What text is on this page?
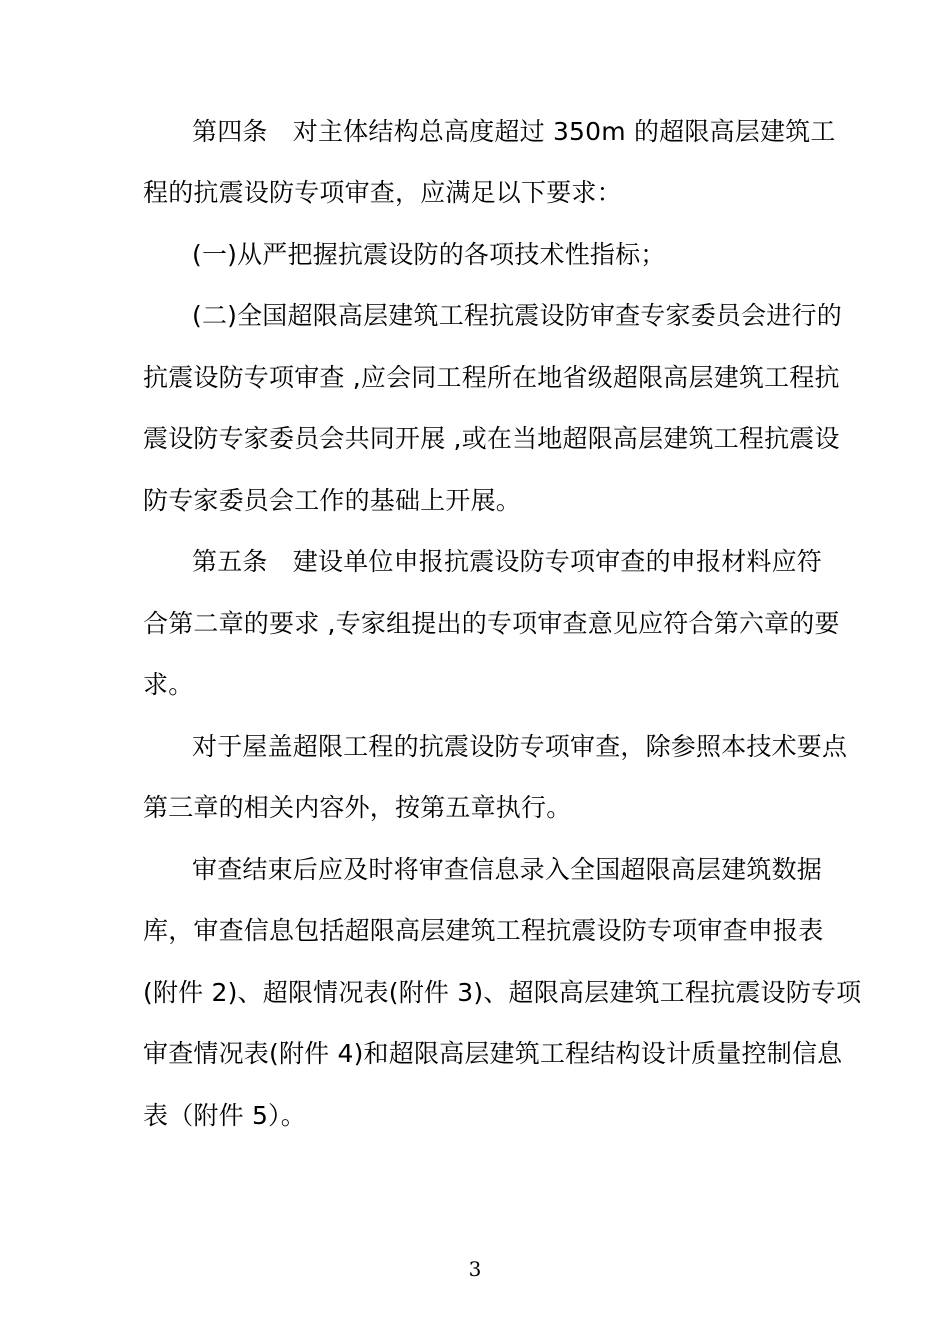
第四条　对主体结构总高度超过 350m 的超限高层建筑工
程的抗震设防专项审查，应满足以下要求：
(一)从严把握抗震设防的各项技术性指标；
(二)全国超限高层建筑工程抗震设防审查专家委员会进行的
抗震设防专项审查 ,应会同工程所在地省级超限高层建筑工程抗
震设防专家委员会共同开展 ,或在当地超限高层建筑工程抗震设
防专家委员会工作的基础上开展。
第五条　建设单位申报抗震设防专项审查的申报材料应符
合第二章的要求 ,专家组提出的专项审查意见应符合第六章的要
求。
对于屋盖超限工程的抗震设防专项审查，除参照本技术要点
第三章的相关内容外，按第五章执行。
审查结束后应及时将审查信息录入全国超限高层建筑数据
库，审查信息包括超限高层建筑工程抗震设防专项审查申报表
(附件 2)、超限情况表(附件 3)、超限高层建筑工程抗震设防专项
审查情况表(附件 4)和超限高层建筑工程结构设计质量控制信息
表（附件 5）。
3
